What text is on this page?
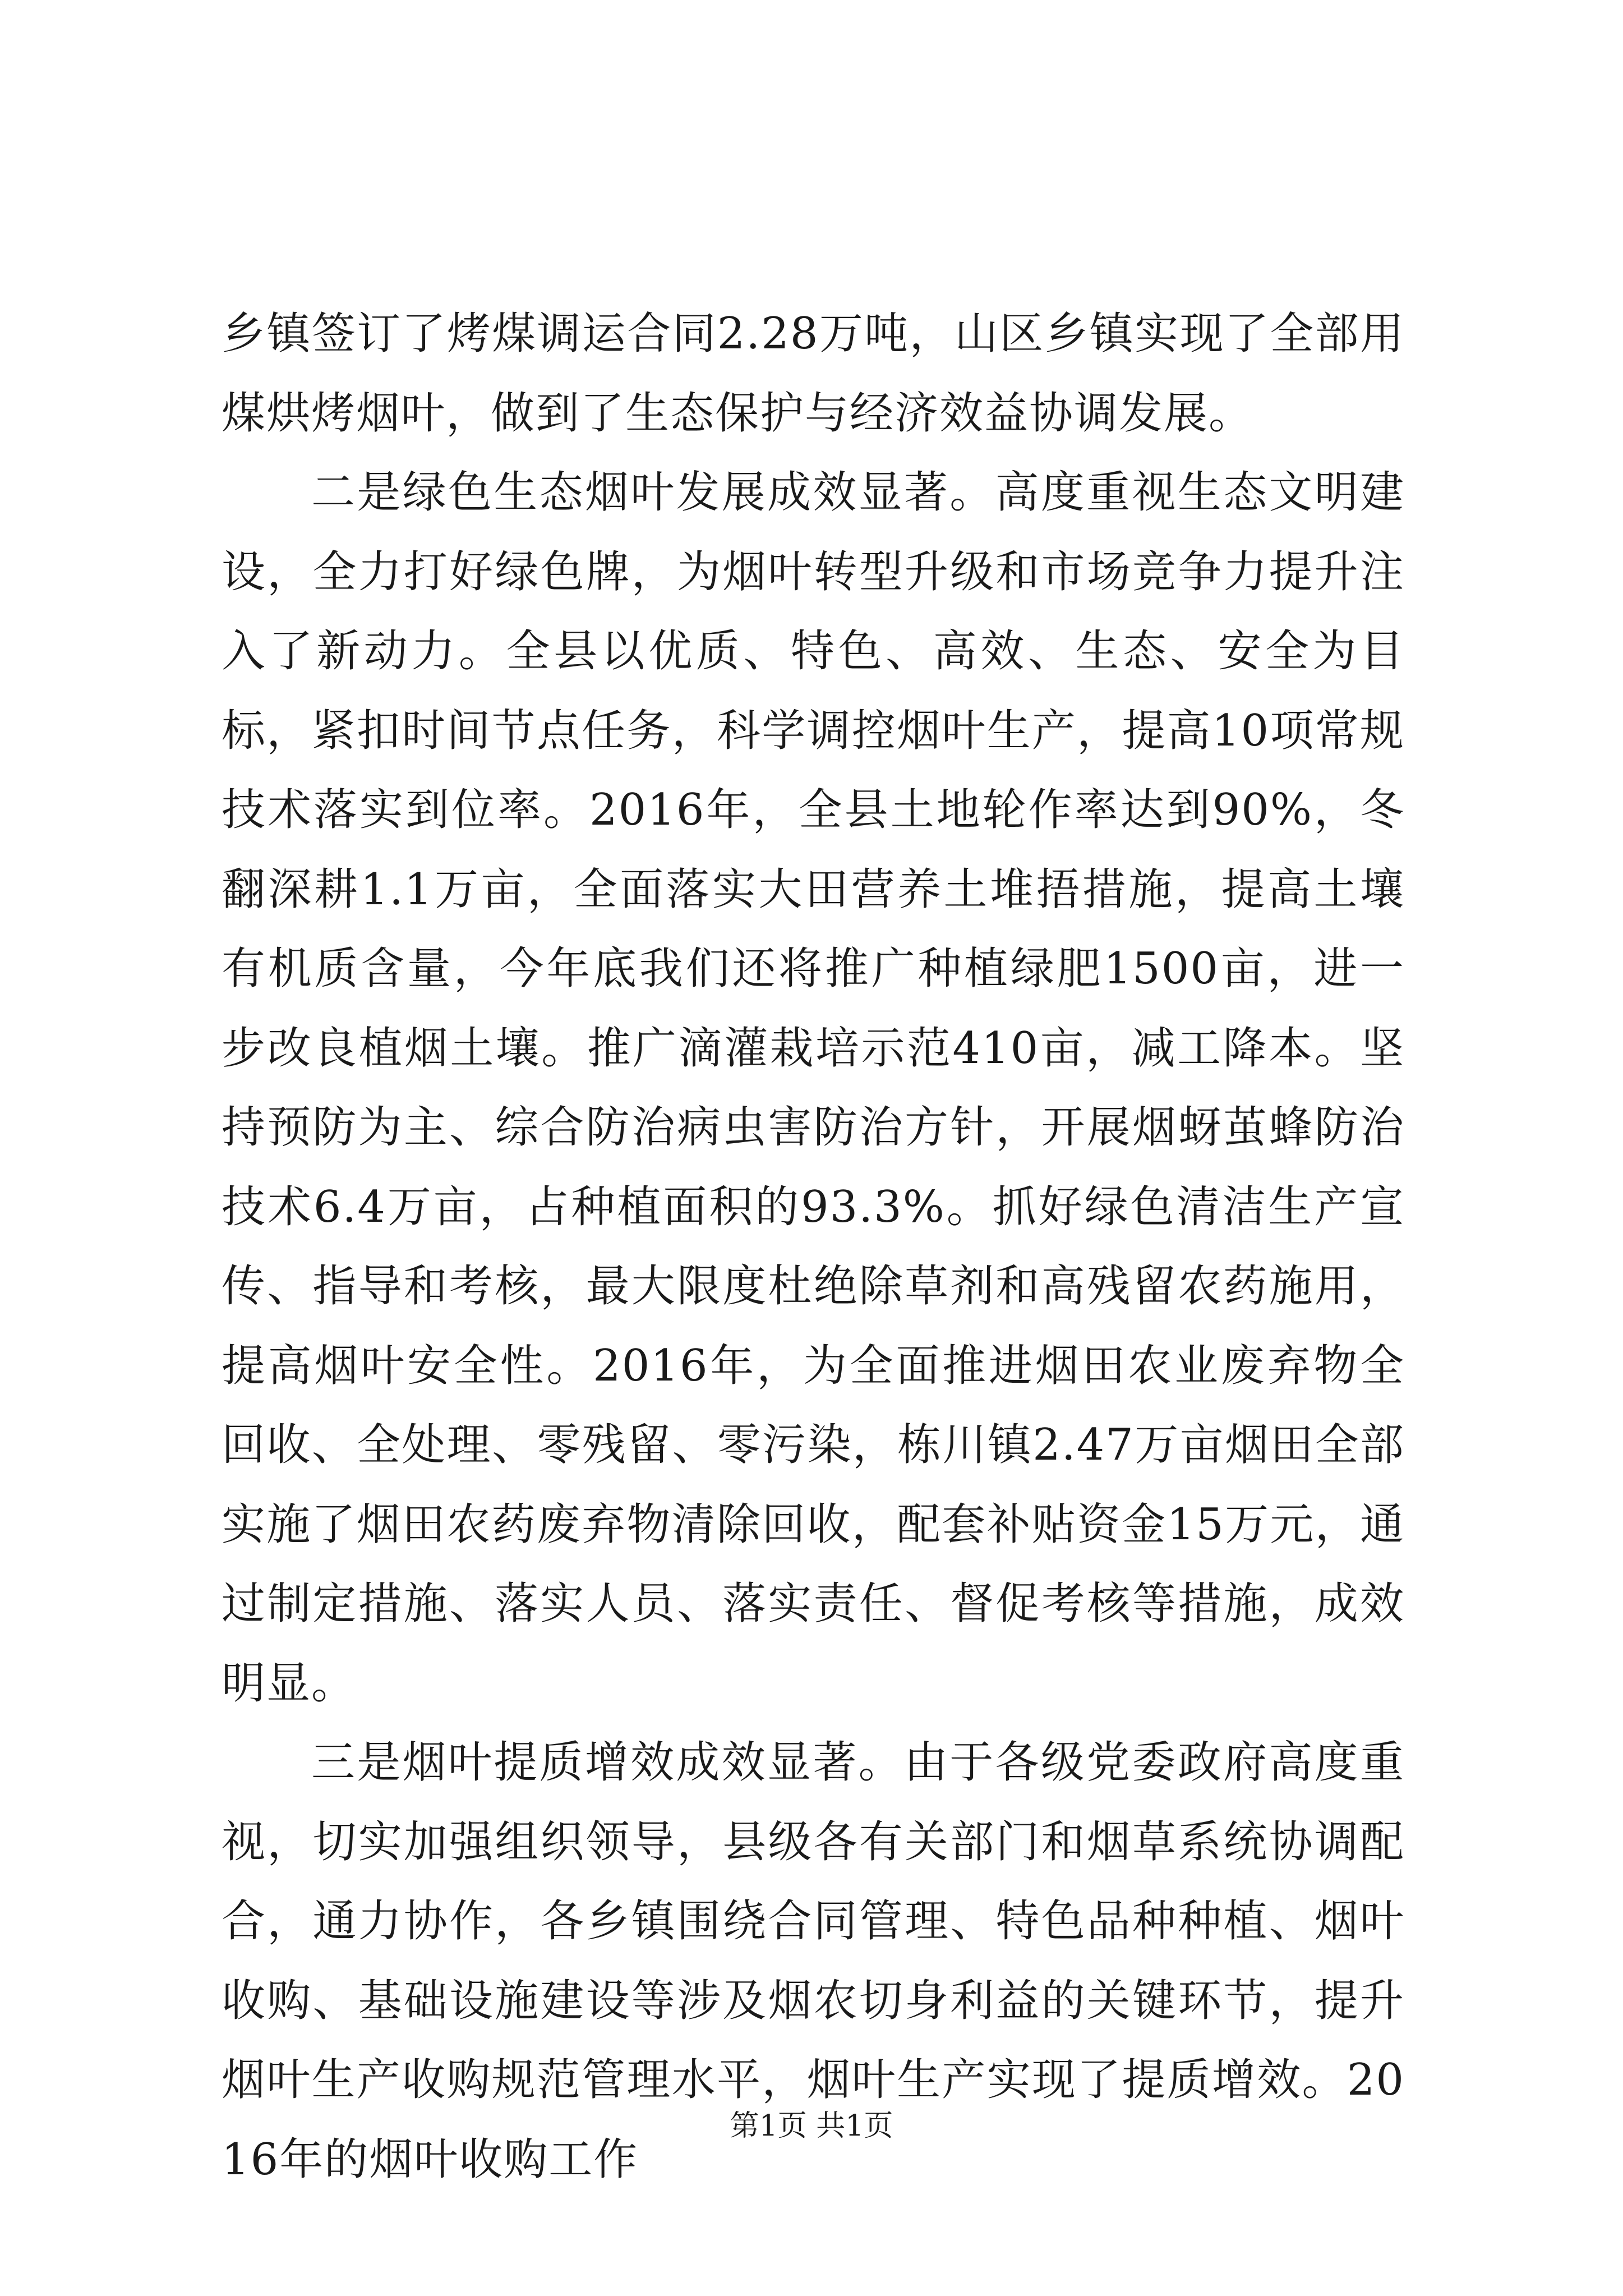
乡镇签订了烤煤调运合同2.28万吨，山区乡镇实现了全部用煤烘烤烟叶，做到了生态保护与经济效益协调发展。

二是绿色生态烟叶发展成效显著。高度重视生态文明建设，全力打好绿色牌，为烟叶转型升级和市场竞争力提升注入了新动力。全县以优质、特色、高效、生态、安全为目标，紧扣时间节点任务，科学调控烟叶生产，提高10项常规技术落实到位率。2016年，全县土地轮作率达到90%，冬翻深耕1.1万亩，全面落实大田营养土堆捂措施，提高土壤有机质含量，今年底我们还将推广种植绿肥1500亩，进一步改良植烟土壤。推广滴灌栽培示范410亩，减工降本。坚持预防为主、综合防治病虫害防治方针，开展烟蚜茧蜂防治技术6.4万亩，占种植面积的93.3%。抓好绿色清洁生产宣传、指导和考核，最大限度杜绝除草剂和高残留农药施用，提高烟叶安全性。2016年，为全面推进烟田农业废弃物全回收、全处理、零残留、零污染，栋川镇2.47万亩烟田全部实施了烟田农药废弃物清除回收，配套补贴资金15万元，通过制定措施、落实人员、落实责任、督促考核等措施，成效明显。

三是烟叶提质增效成效显著。由于各级党委政府高度重视，切实加强组织领导，县级各有关部门和烟草系统协调配合，通力协作，各乡镇围绕合同管理、特色品种种植、烟叶收购、基础设施建设等涉及烟农切身利益的关键环节，提升烟叶生产收购规范管理水平，烟叶生产实现了提质增效。2016年的烟叶收购工作

第1页 共1页
